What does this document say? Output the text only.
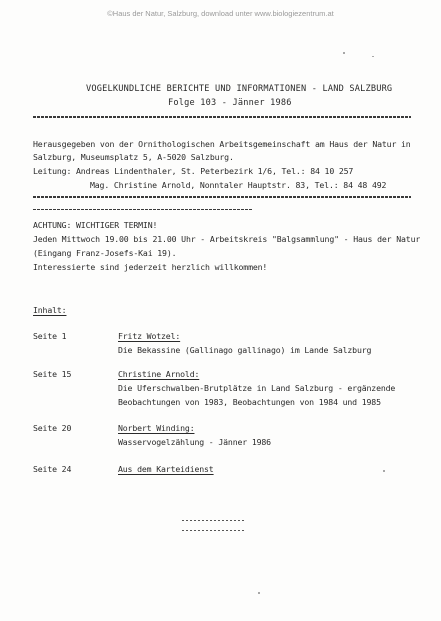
©Haus der Natur, Salzburg, download unter www.biologiezentrum.at
VOGELKUNDLICHE BERICHTE UND INFORMATIONEN - LAND SALZBURG
Folge 103 - Jänner 1986
Herausgegeben von der Ornithologischen Arbeitsgemeinschaft am Haus der Natur in
Salzburg, Museumsplatz 5, A-5020 Salzburg.
Leitung: Andreas Lindenthaler, St. Peterbezirk 1/6, Tel.: 84 10 257
Mag. Christine Arnold, Nonntaler Hauptstr. 83, Tel.: 84 48 492
ACHTUNG: WICHTIGER TERMIN!
Jeden Mittwoch 19.00 bis 21.00 Uhr - Arbeitskreis "Balgsammlung" - Haus der Natur
(Eingang Franz-Josefs-Kai 19).
Interessierte sind jederzeit herzlich willkommen!
Inhalt:
Seite 1	Fritz Wotzel:
Die Bekassine (Gallinago gallinago) im Lande Salzburg
Seite 15	Christine Arnold:
Die Uferschwalben-Brutplätze in Land Salzburg - ergänzende
Beobachtungen von 1983, Beobachtungen von 1984 und 1985
Seite 20	Norbert Winding:
Wasservogelzählung - Jänner 1986
Seite 24	Aus dem Karteidienst
